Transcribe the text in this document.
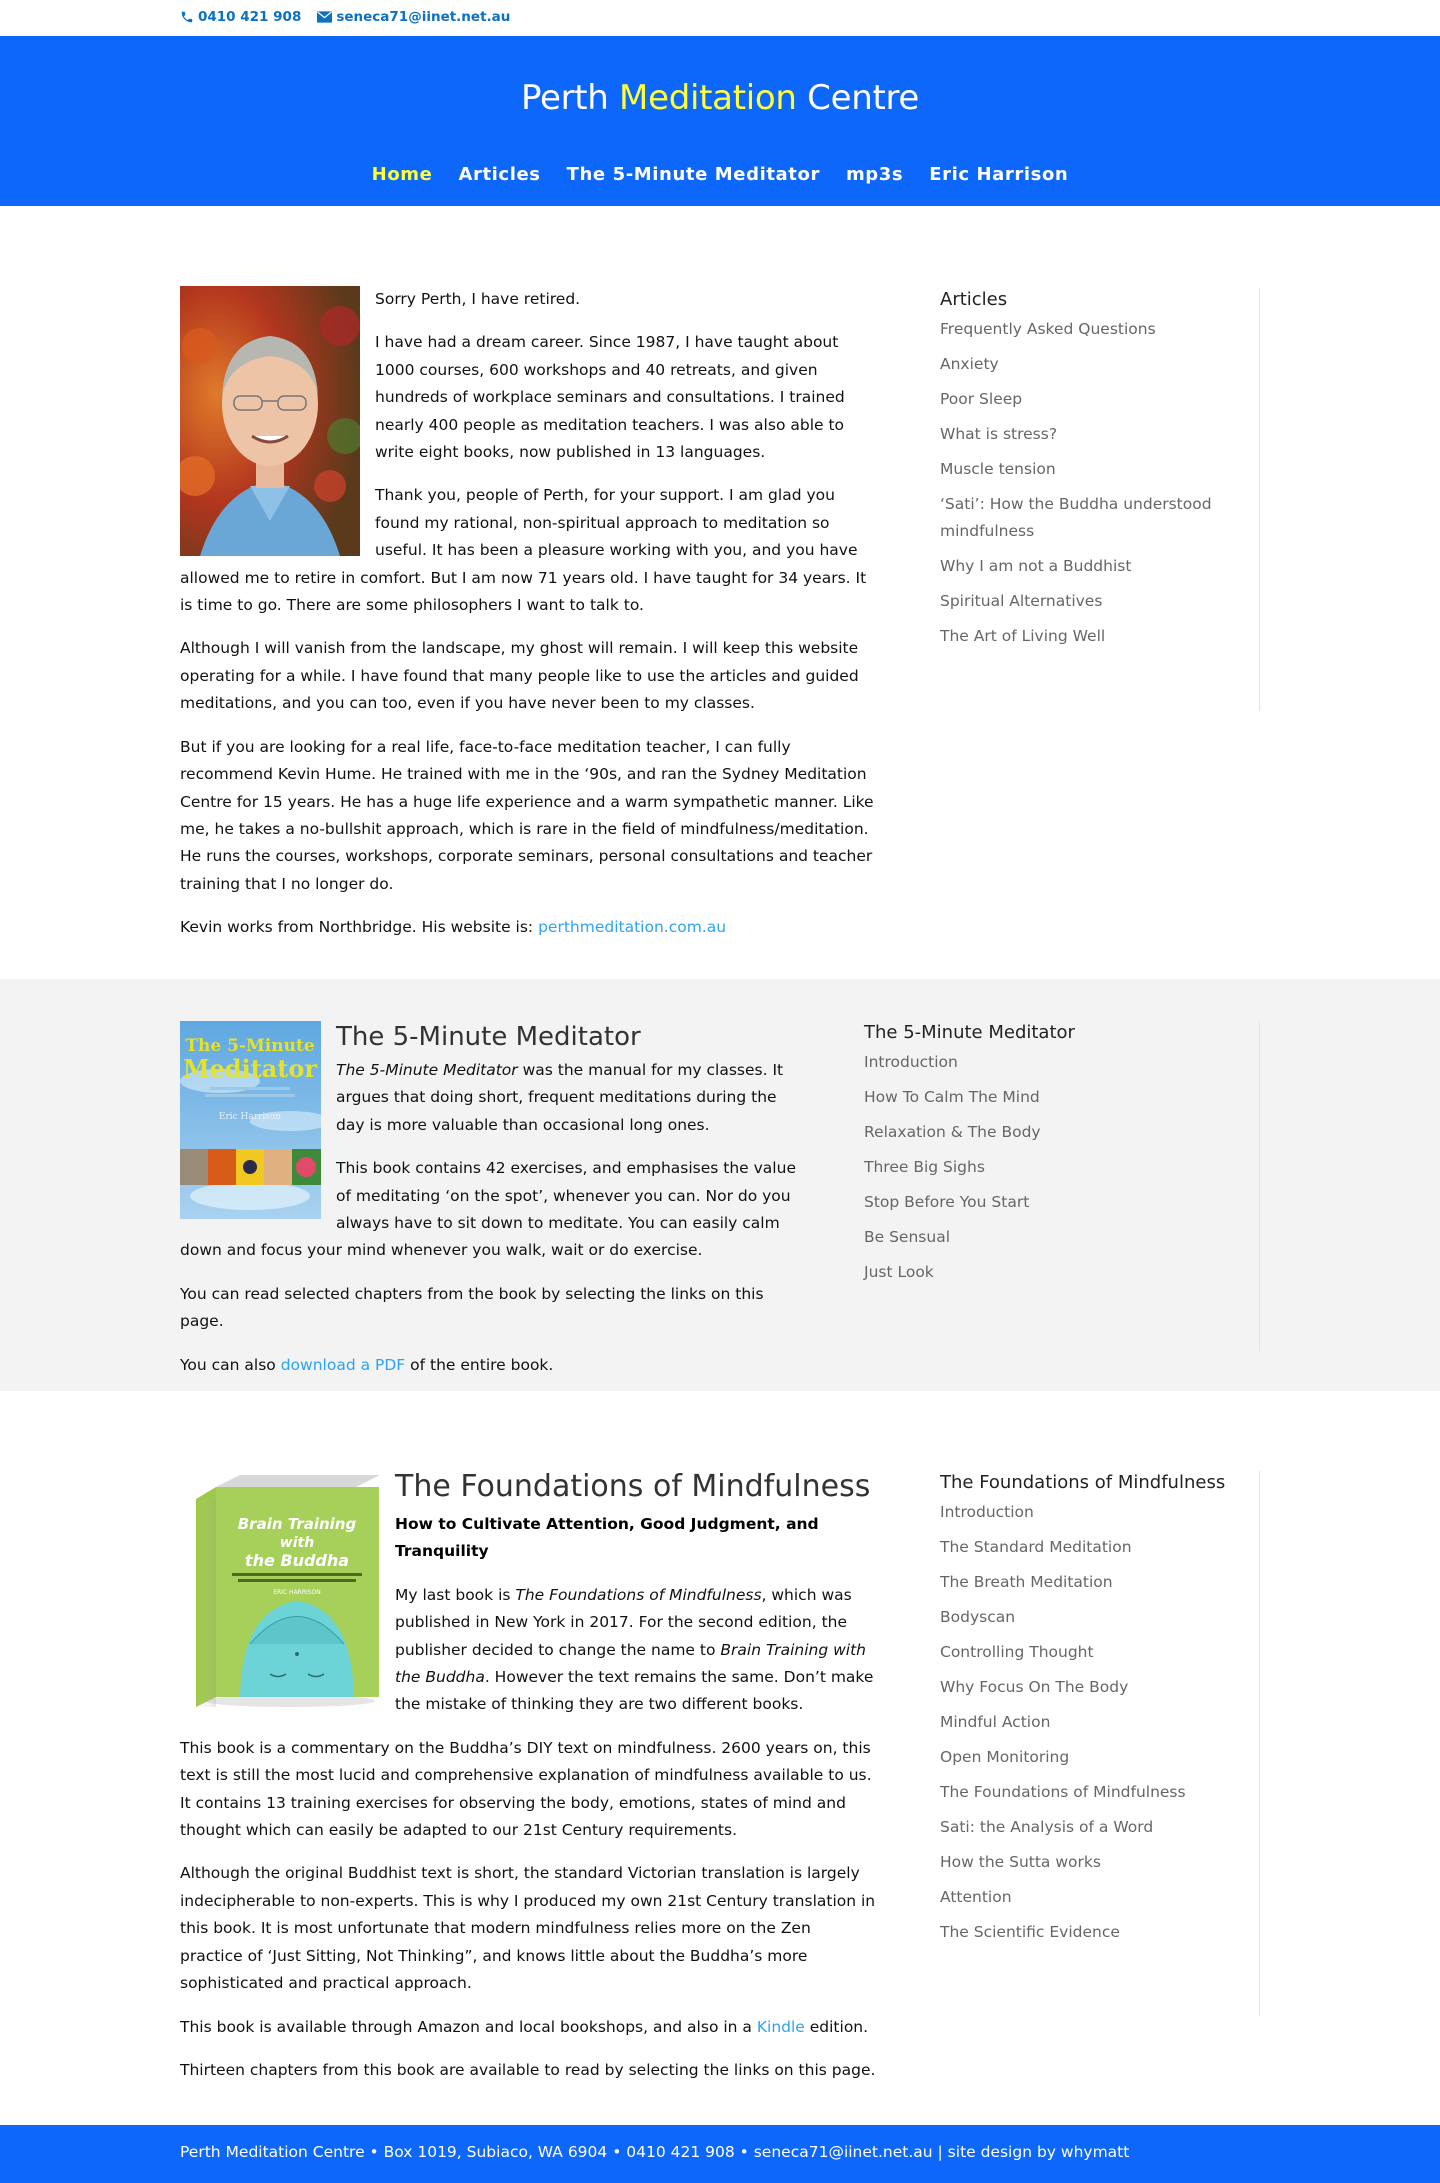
0410 421 908	seneca71@iinet.net.au
Perth Meditation Centre
Home	Articles	The 5-Minute Meditator	mp3s	Eric Harrison

Sorry Perth, I have retired.

I have had a dream career. Since 1987, I have taught about 1000 courses, 600 workshops and 40 retreats, and given hundreds of workplace seminars and consultations. I trained nearly 400 people as meditation teachers. I was also able to write eight books, now published in 13 languages.

Thank you, people of Perth, for your support. I am glad you found my rational, non-spiritual approach to meditation so useful. It has been a pleasure working with you, and you have allowed me to retire in comfort. But I am now 71 years old. I have taught for 34 years. It is time to go. There are some philosophers I want to talk to.

Although I will vanish from the landscape, my ghost will remain. I will keep this website operating for a while. I have found that many people like to use the articles and guided meditations, and you can too, even if you have never been to my classes.

But if you are looking for a real life, face-to-face meditation teacher, I can fully recommend Kevin Hume. He trained with me in the ‘90s, and ran the Sydney Meditation Centre for 15 years. He has a huge life experience and a warm sympathetic manner. Like me, he takes a no-bullshit approach, which is rare in the field of mindfulness/meditation. He runs the courses, workshops, corporate seminars, personal consultations and teacher training that I no longer do.

Kevin works from Northbridge. His website is: perthmeditation.com.au

Articles
Frequently Asked Questions
Anxiety
Poor Sleep
What is stress?
Muscle tension
‘Sati’: How the Buddha understood mindfulness
Why I am not a Buddhist
Spiritual Alternatives
The Art of Living Well
The 5-Minute
Meditator
Eric Harrison
The 5-Minute Meditator

The 5-Minute Meditator was the manual for my classes. It argues that doing short, frequent meditations during the day is more valuable than occasional long ones.

This book contains 42 exercises, and emphasises the value of meditating ‘on the spot’, whenever you can. Nor do you always have to sit down to meditate. You can easily calm down and focus your mind whenever you walk, wait or do exercise.

You can read selected chapters from the book by selecting the links on this page.

You can also download a PDF of the entire book.

The 5-Minute Meditator
Introduction
How To Calm The Mind
Relaxation & The Body
Three Big Sighs
Stop Before You Start
Be Sensual
Just Look
Brain Training
with
the Buddha
ERIC HARRISON
The Foundations of Mindfulness

How to Cultivate Attention, Good Judgment, and Tranquility

My last book is The Foundations of Mindfulness, which was published in New York in 2017. For the second edition, the publisher decided to change the name to Brain Training with the Buddha. However the text remains the same. Don’t make the mistake of thinking they are two different books.

This book is a commentary on the Buddha’s DIY text on mindfulness. 2600 years on, this text is still the most lucid and comprehensive explanation of mindfulness available to us. It contains 13 training exercises for observing the body, emotions, states of mind and thought which can easily be adapted to our 21st Century requirements.

Although the original Buddhist text is short, the standard Victorian translation is largely indecipherable to non-experts. This is why I produced my own 21st Century translation in this book. It is most unfortunate that modern mindfulness relies more on the Zen practice of ‘Just Sitting, Not Thinking”, and knows little about the Buddha’s more sophisticated and practical approach.

This book is available through Amazon and local bookshops, and also in a Kindle edition.

Thirteen chapters from this book are available to read by selecting the links on this page.

The Foundations of Mindfulness
Introduction
The Standard Meditation
The Breath Meditation
Bodyscan
Controlling Thought
Why Focus On The Body
Mindful Action
Open Monitoring
The Foundations of Mindfulness
Sati: the Analysis of a Word
How the Sutta works
Attention
The Scientific Evidence
Perth Meditation Centre • Box 1019, Subiaco, WA 6904 • 0410 421 908 • seneca71@iinet.net.au | site design by whymatt
